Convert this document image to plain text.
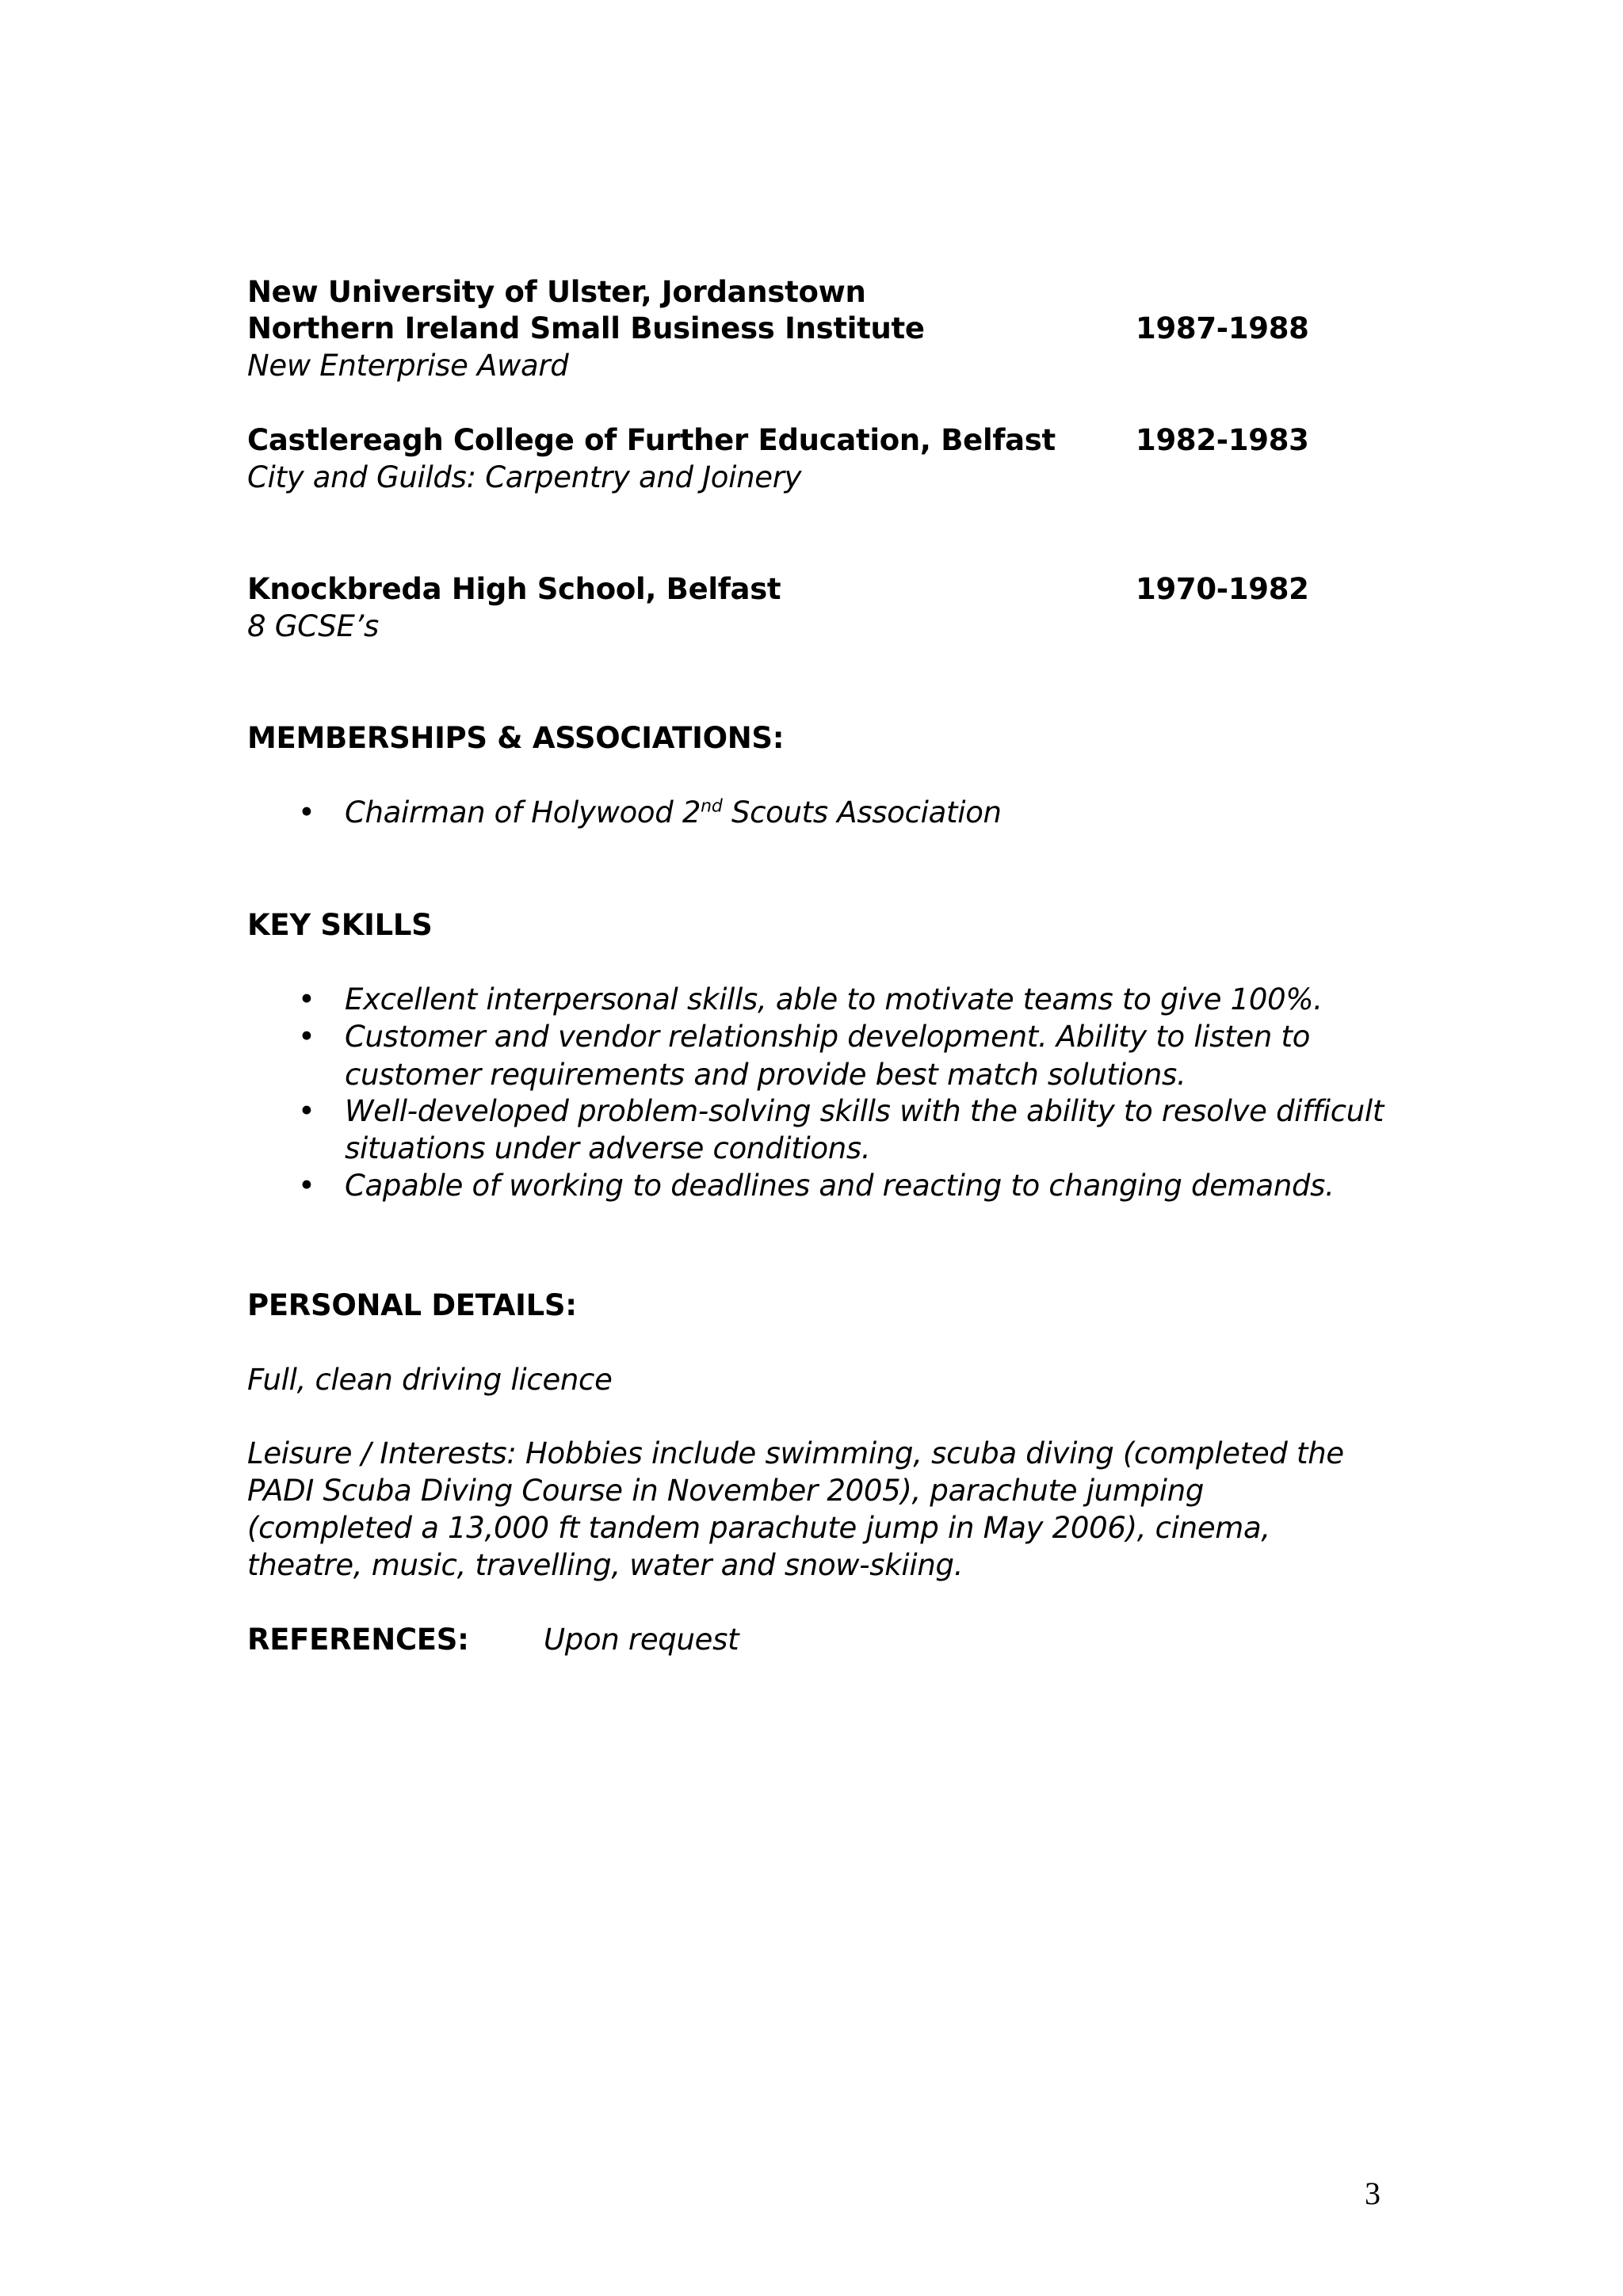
New University of Ulster, Jordanstown
Northern Ireland Small Business Institute	1987-1988
New Enterprise Award
Castlereagh College of Further Education, Belfast	1982-1983
City and Guilds: Carpentry and Joinery
Knockbreda High School, Belfast	1970-1982
8 GCSE’s
MEMBERSHIPS & ASSOCIATIONS:
• Chairman of Holywood 2nd Scouts Association
KEY SKILLS
• Excellent interpersonal skills, able to motivate teams to give 100%.
• Customer and vendor relationship development. Ability to listen to
customer requirements and provide best match solutions.
• Well-developed problem-solving skills with the ability to resolve difficult
situations under adverse conditions.
• Capable of working to deadlines and reacting to changing demands.
PERSONAL DETAILS:
Full, clean driving licence
Leisure / Interests: Hobbies include swimming, scuba diving (completed the
PADI Scuba Diving Course in November 2005), parachute jumping
(completed a 13,000 ft tandem parachute jump in May 2006), cinema,
theatre, music, travelling, water and snow-skiing.
REFERENCES:	Upon request
3
